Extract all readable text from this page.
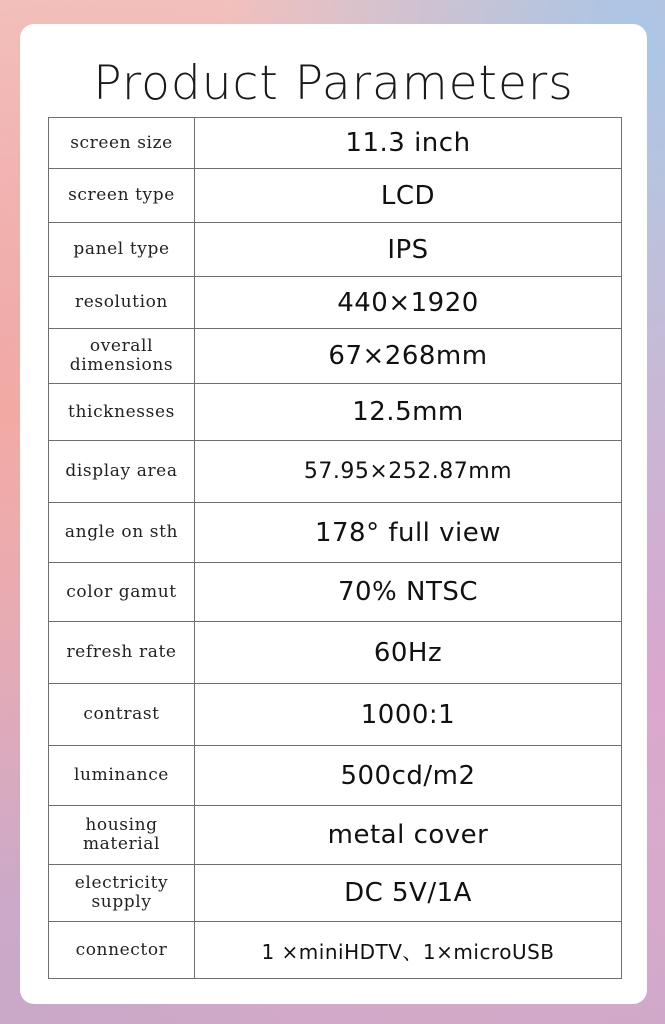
Product Parameters
screen size	11.3 inch
screen type	LCD
panel type	IPS
resolution	440×1920
overall dimensions	67×268mm
thicknesses	12.5mm
display area	57.95×252.87mm
angle on sth	178° full view
color gamut	70% NTSC
refresh rate	60Hz
contrast	1000:1
luminance	500cd/m2
housing material	metal cover
electricity supply	DC 5V/1A
connector	1 ×miniHDTV、1×microUSB
